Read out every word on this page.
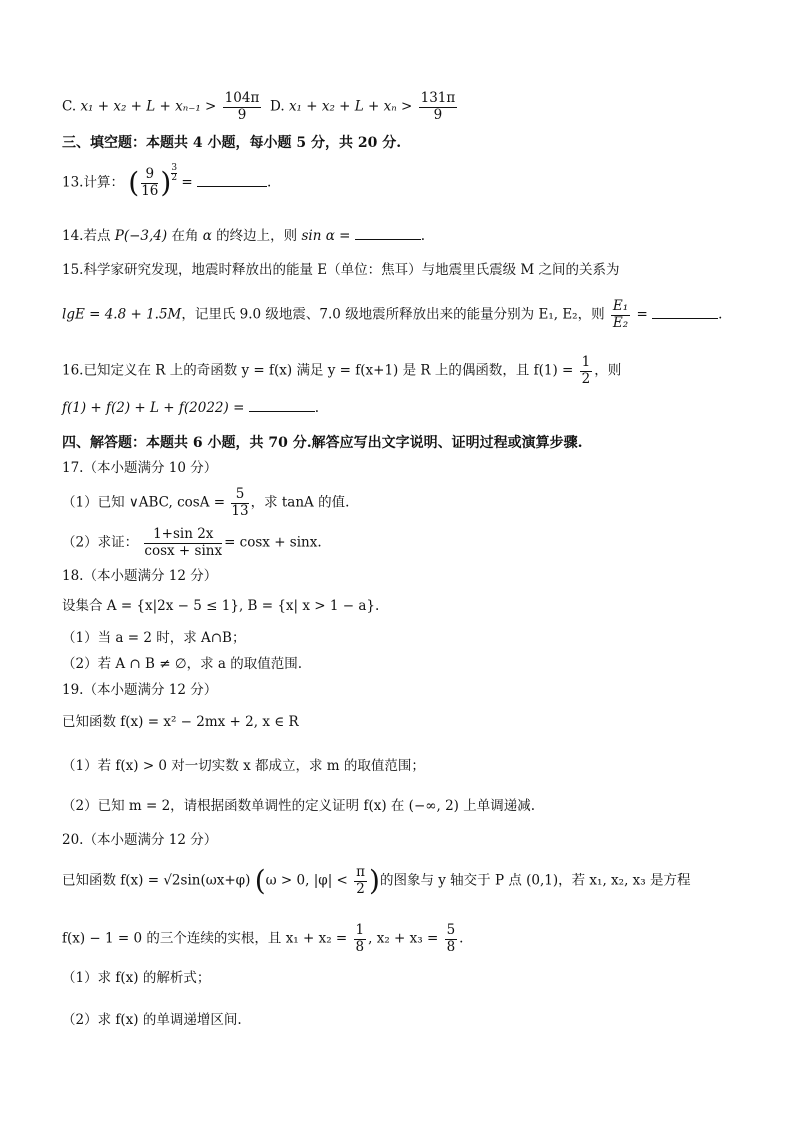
C. $x_1 + x_2 + L + x_{n-1} > \frac{104\pi}{9} D$. $x_1 + x_2 + L + x_n > \frac{131\pi}{9}$
三、填空题：本题共 4 小题，每小题 5 分，共 20 分.
13.计算： ( $\frac{9}{16}$ ) $\frac{3}{2}$ =	.
14.若点 P(−3,4) 在角 α 的终边上，则 sin α =	.
15.科学家研究发现，地震时释放出的能量 E（单位：焦耳）与地震里氏震级 M 之间的关系为
lgE = 4.8 + 1.5M，记里氏 9.0 级地震、7.0 级地震所释放出来的能量分别为 E₁, E₂，则 $\frac{\text{E₁}}{\text{E₂}}$ =	.
16.已知定义在 R 上的奇函数 y = f(x) 满足 y = f(x+1) 是 R 上的偶函数，且 $f(1) = \frac{1}{2}$ ，则
f(1) + f(2) + L + f(2022) =	.
四、解答题：本题共 6 小题，共 70 分.解答应写出文字说明、证明过程或演算步骤.
17.（本小题满分 10 分）
（1）已知 ∨ABC, $\cos A = \frac{5}{13}$ ，求 tanA 的值.
（2）求证： $\frac{1+\sin 2x}{\cos x + \sin x} = \cos x + \sin x$.
18.（本小题满分 12 分）
设集合 A = {x|2x − 5 ≤ 1}, B = {x| x > 1 − a}.
（1）当 a = 2 时，求 A∩B；
（2）若 A ∩ B ≠ ∅，求 a 的取值范围.
19.（本小题满分 12 分）
已知函数 f(x) = x² − 2mx + 2, x ∈ R
（1）若 f(x) > 0 对一切实数 x 都成立，求 m 的取值范围；
（2）已知 m = 2，请根据函数单调性的定义证明 f(x) 在 (−∞, 2) 上单调递减.
20.（本小题满分 12 分）
已知函数 f(x) = √2sin(ωx+φ) (ω > 0, $|\varphi| < \frac{\pi}{2}$ )的图象与 y 轴交于 P 点 (0,1)，若 x₁, x₂, x₃ 是方程
f(x) − 1 = 0 的三个连续的实根，且 $x_1 + x_2 = \frac{1}{8}$ , $x_2 + x_3 = \frac{5}{8}$ .
（1）求 f(x) 的解析式；
（2）求 f(x) 的单调递增区间.
